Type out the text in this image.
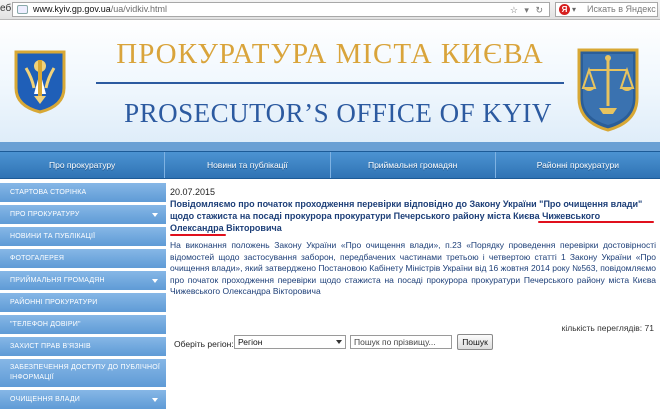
еб	www.kyiv.gp.gov.ua/ua/vidkiv.html	☆ ▾ ↻	Я ▾ Искать в Яндекс
ПРОКУРАТУРА МІСТА КИЄВА
PROSECUTOR’S OFFICE OF KYIV
Про прокуратуру	Новини та публікації	Приймальня громадян	Районні прокуратури
СТАРТОВА СТОРІНКА
ПРО ПРОКУРАТУРУ
НОВИНИ ТА ПУБЛІКАЦІЇ
ФОТОГАЛЕРЕЯ
ПРИЙМАЛЬНЯ ГРОМАДЯН
РАЙОННІ ПРОКУРАТУРИ
"ТЕЛЕФОН ДОВІРИ"
ЗАХИСТ ПРАВ В'ЯЗНІВ
ЗАБЕЗПЕЧЕННЯ ДОСТУПУ ДО ПУБЛІЧНОЇ ІНФОРМАЦІЇ
ОЧИЩЕННЯ ВЛАДИ
20.07.2015
Повідомляємо про початок проходження перевірки відповідно до Закону України "Про очищення влади" щодо стажиста на посаді прокурора прокуратури Печерського району міста Києва Чижевського Олександра Вікторовича
На виконання положень Закону України «Про очищення влади», п.23 «Порядку проведення перевірки достовірності відомостей щодо застосування заборон, передбачених частинами третьою і четвертою статті 1 Закону України «Про очищення влади», який затверджено Постановою Кабінету Міністрів України від 16 жовтня 2014 року №563, повідомляємо про початок проходження перевірки щодо стажиста на посаді прокурора прокуратури Печерського району міста Києва Чижевського Олександра Вікторовича
кількість переглядів: 71
Оберіть регіон: Регіон	Пошук по прізвищу...	Пошук
